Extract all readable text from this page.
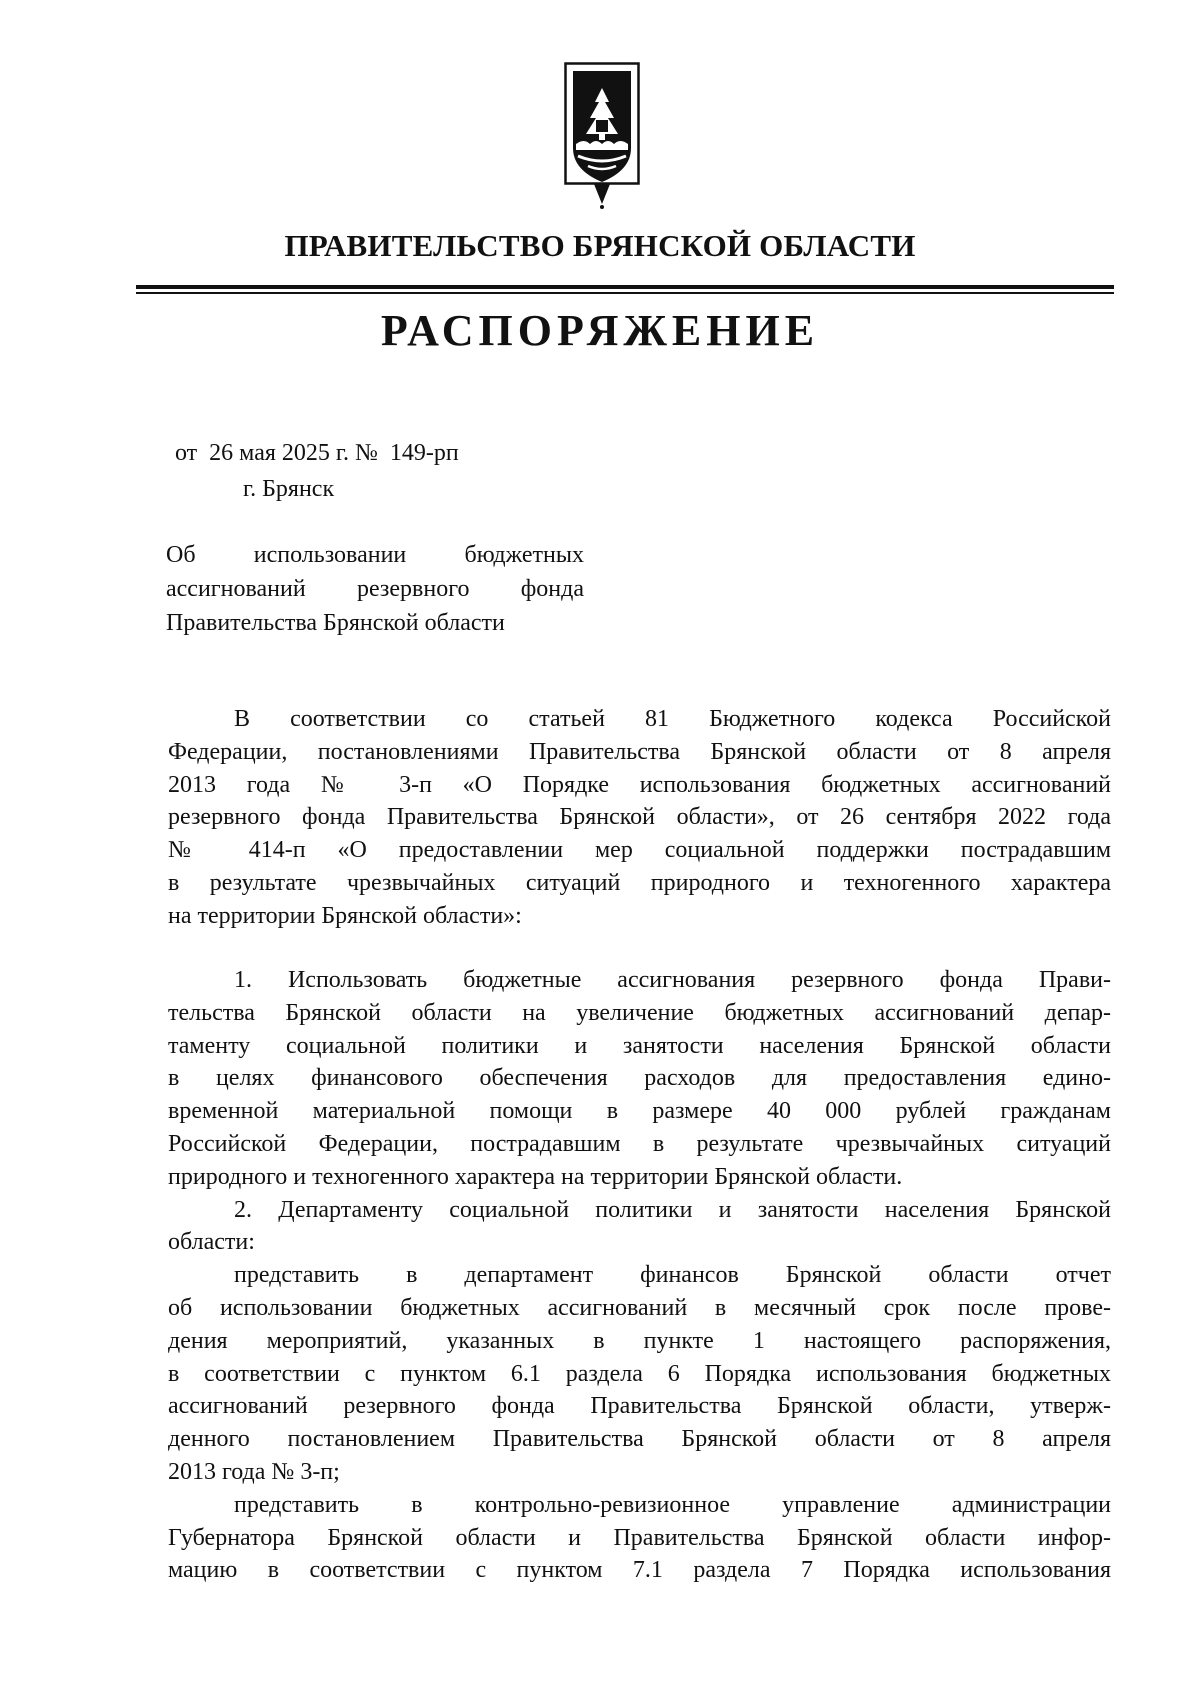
ПРАВИТЕЛЬСТВО БРЯНСКОЙ ОБЛАСТИ
РАСПОРЯЖЕНИЕ
от  26 мая 2025 г. №  149-рп
г. Брянск
Об использовании бюджетных
ассигнований резервного фонда
Правительства Брянской области
В соответствии со статьей 81 Бюджетного кодекса Российской
Федерации, постановлениями Правительства Брянской области от 8 апреля
2013 года № 3-п «О Порядке использования бюджетных ассигнований
резервного фонда Правительства Брянской области», от 26 сентября 2022 года
№ 414-п «О предоставлении мер социальной поддержки пострадавшим
в результате чрезвычайных ситуаций природного и техногенного характера
на территории Брянской области»:
1. Использовать бюджетные ассигнования резервного фонда Прави-
тельства Брянской области на увеличение бюджетных ассигнований депар-
таменту социальной политики и занятости населения Брянской области
в целях финансового обеспечения расходов для предоставления едино-
временной материальной помощи в размере 40 000 рублей гражданам
Российской Федерации, пострадавшим в результате чрезвычайных ситуаций
природного и техногенного характера на территории Брянской области.
2. Департаменту социальной политики и занятости населения Брянской
области:
представить в департамент финансов Брянской области отчет
об использовании бюджетных ассигнований в месячный срок после прове-
дения мероприятий, указанных в пункте 1 настоящего распоряжения,
в соответствии с пунктом 6.1 раздела 6 Порядка использования бюджетных
ассигнований резервного фонда Правительства Брянской области, утверж-
денного постановлением Правительства Брянской области от 8 апреля
2013 года № 3-п;
представить в контрольно-ревизионное управление администрации
Губернатора Брянской области и Правительства Брянской области инфор-
мацию в соответствии с пунктом 7.1 раздела 7 Порядка использования
